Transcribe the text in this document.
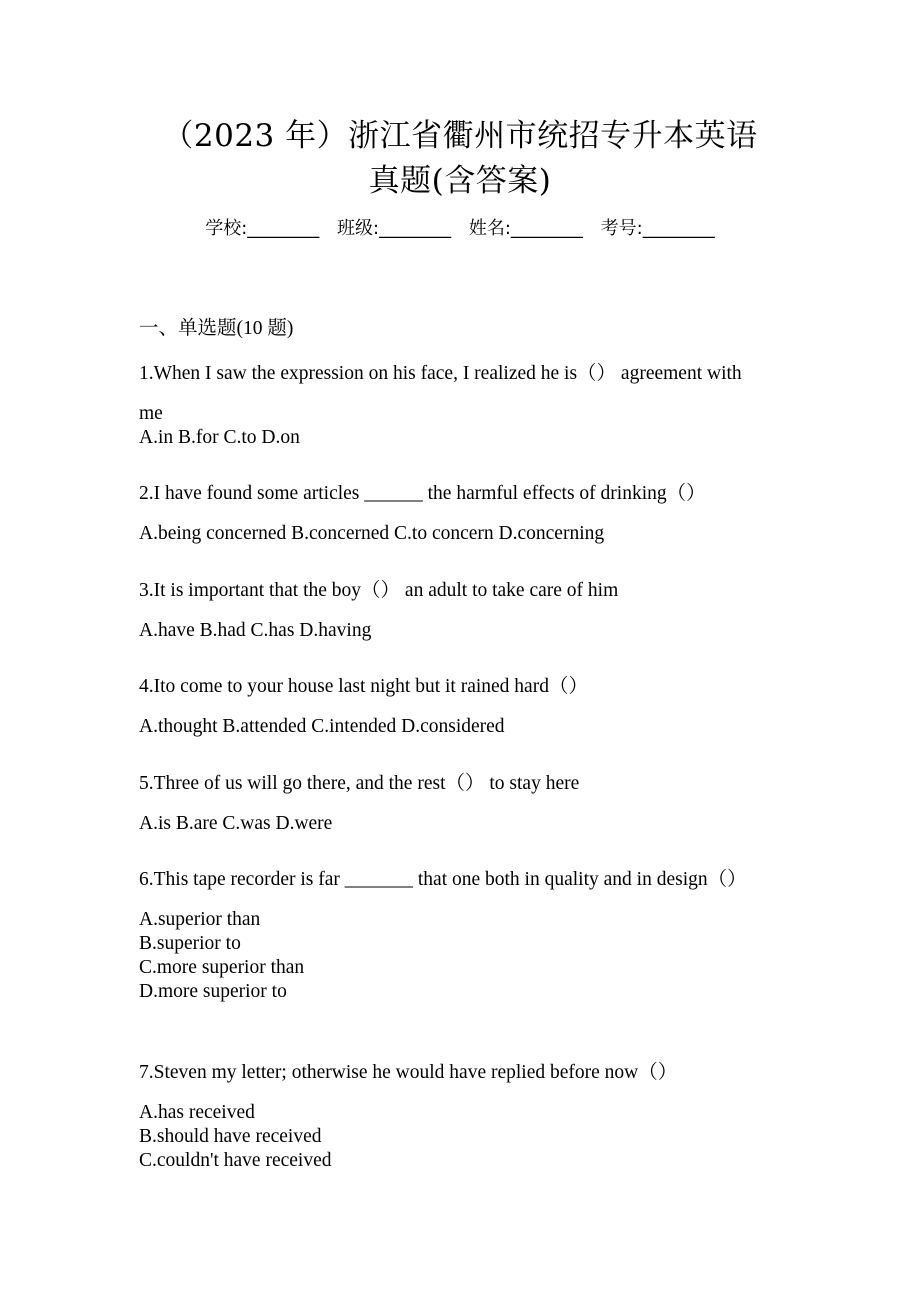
（2023 年）浙江省衢州市统招专升本英语
真题(含答案)
学校:________ 班级:________ 姓名:________ 考号:________
一、单选题(10 题)
1.When I saw the expression on his face, I realized he is（） agreement with
me
A.in B.for C.to D.on
2.I have found some articles ______ the harmful effects of drinking（）
A.being concerned B.concerned C.to concern D.concerning
3.It is important that the boy（） an adult to take care of him
A.have B.had C.has D.having
4.Ito come to your house last night but it rained hard（）
A.thought B.attended C.intended D.considered
5.Three of us will go there, and the rest（） to stay here
A.is B.are C.was D.were
6.This tape recorder is far _______ that one both in quality and in design（）
A.superior than
B.superior to
C.more superior than
D.more superior to
7.Steven my letter; otherwise he would have replied before now（）
A.has received
B.should have received
C.couldn't have received
